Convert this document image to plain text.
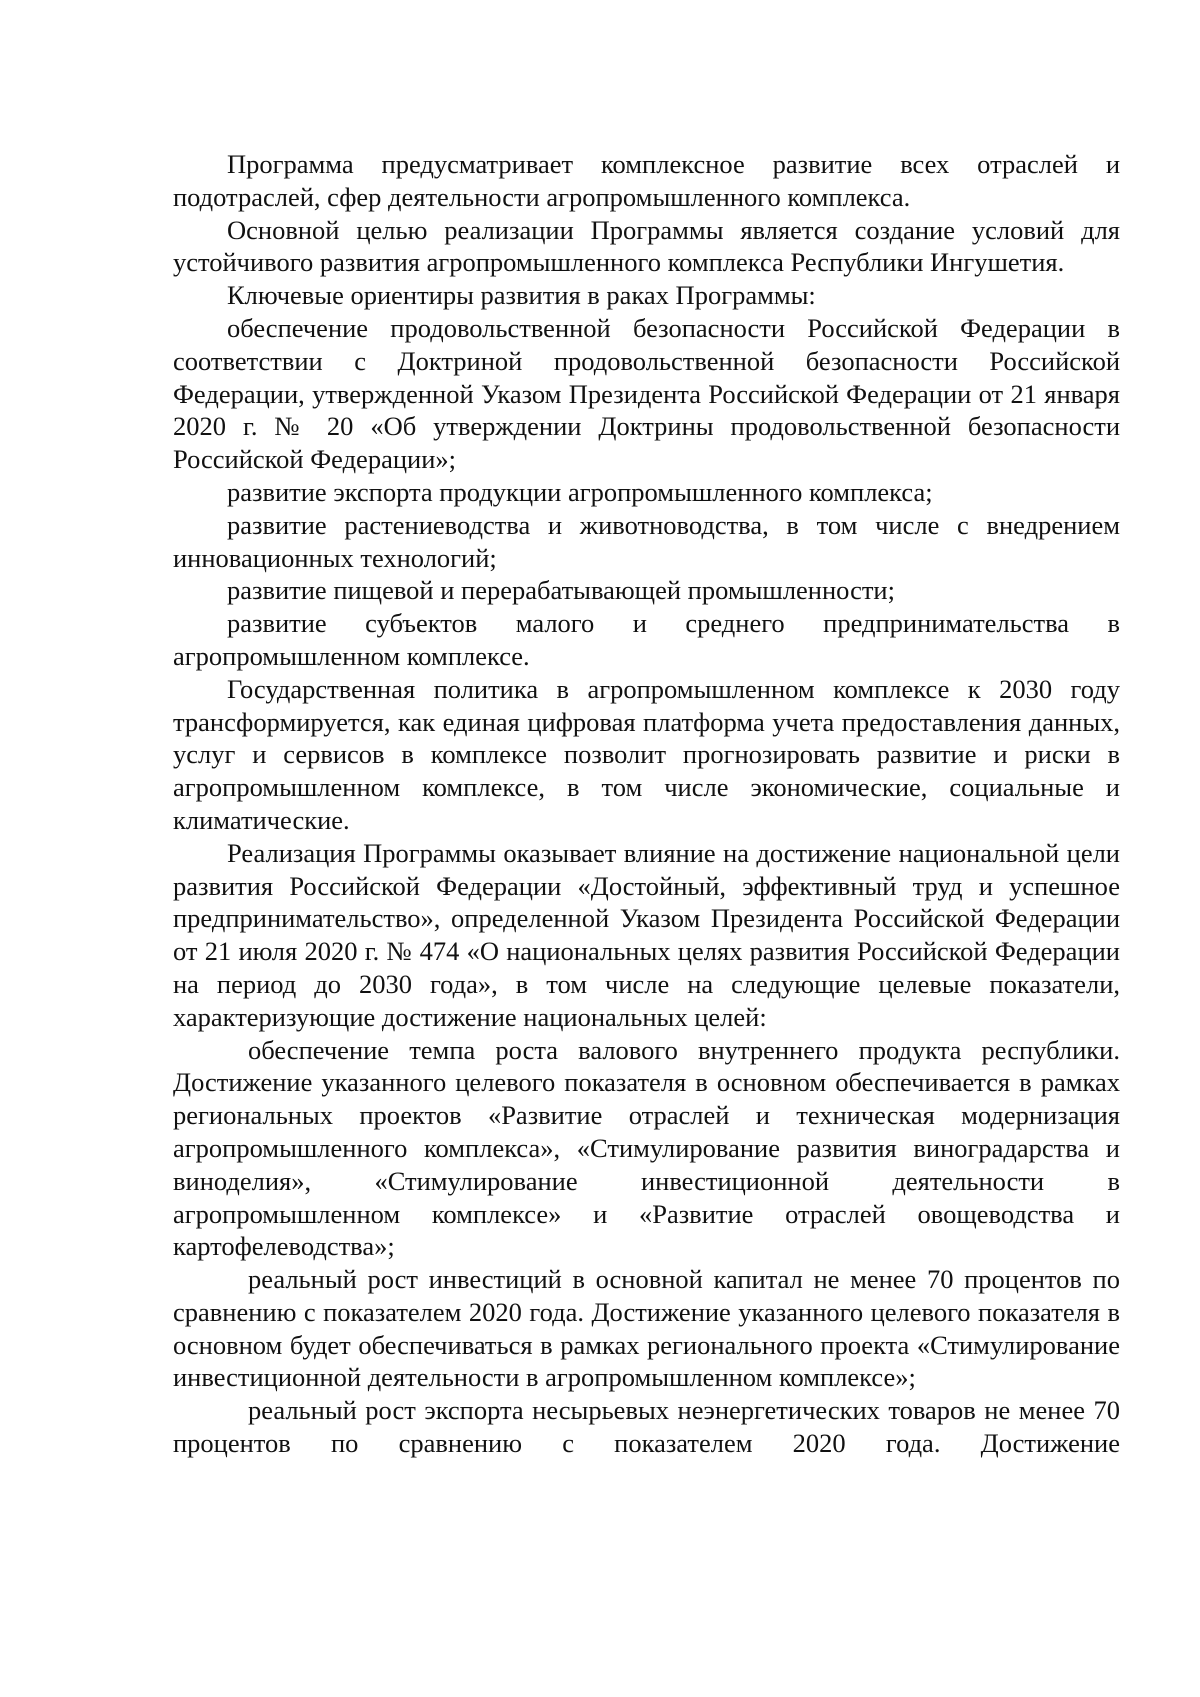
Программа предусматривает комплексное развитие всех отраслей и подотраслей, сфер деятельности агропромышленного комплекса.

Основной целью реализации Программы является создание условий для устойчивого развития агропромышленного комплекса Республики Ингушетия.

Ключевые ориентиры развития в раках Программы:

обеспечение продовольственной безопасности Российской Федерации в соответствии с Доктриной продовольственной безопасности Российской Федерации, утвержденной Указом Президента Российской Федерации от 21 января 2020 г. № 20 «Об утверждении Доктрины продовольственной безопасности Российской Федерации»;

развитие экспорта продукции агропромышленного комплекса;

развитие растениеводства и животноводства, в том числе с внедрением инновационных технологий;

развитие пищевой и перерабатывающей промышленности;

развитие субъектов малого и среднего предпринимательства в агропромышленном комплексе.

Государственная политика в агропромышленном комплексе к 2030 году трансформируется, как единая цифровая платформа учета предоставления данных, услуг и сервисов в комплексе позволит прогнозировать развитие и риски в агропромышленном комплексе, в том числе экономические, социальные и климатические.

Реализация Программы оказывает влияние на достижение национальной цели развития Российской Федерации «Достойный, эффективный труд и успешное предпринимательство», определенной Указом Президента Российской Федерации от 21 июля 2020 г. № 474 «О национальных целях развития Российской Федерации на период до 2030 года», в том числе на следующие целевые показатели, характеризующие достижение национальных целей:

обеспечение темпа роста валового внутреннего продукта республики. Достижение указанного целевого показателя в основном обеспечивается в рамках региональных проектов «Развитие отраслей и техническая модернизация агропромышленного комплекса», «Стимулирование развития виноградарства и виноделия», «Стимулирование инвестиционной деятельности в агропромышленном комплексе» и «Развитие отраслей овощеводства и картофелеводства»;

реальный рост инвестиций в основной капитал не менее 70 процентов по сравнению с показателем 2020 года. Достижение указанного целевого показателя в основном будет обеспечиваться в рамках регионального проекта «Стимулирование инвестиционной деятельности в агропромышленном комплексе»;

реальный рост экспорта несырьевых неэнергетических товаров не менее 70 процентов по сравнению с показателем 2020 года. Достижение
